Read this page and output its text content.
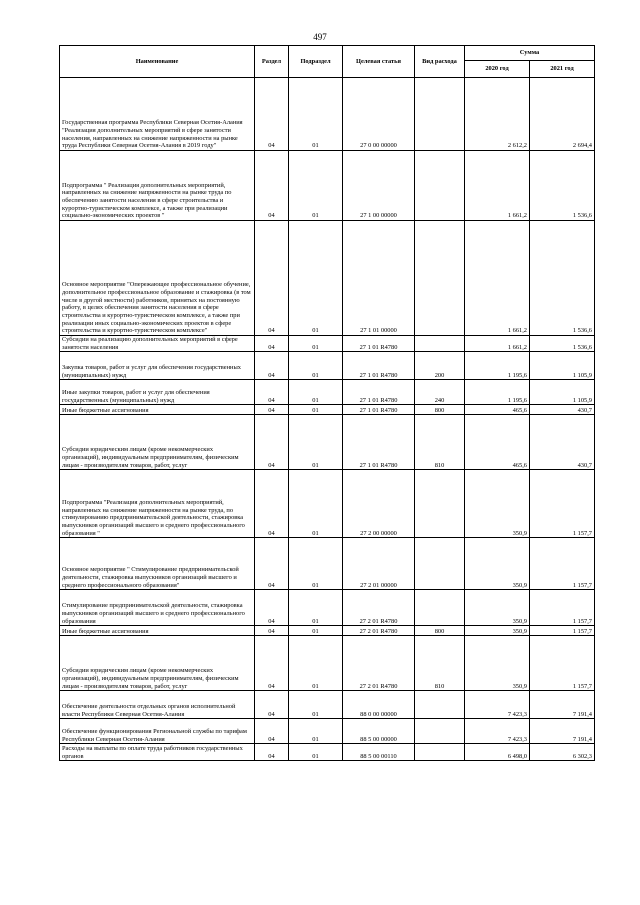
497
Наименование	Раздел	Подраздел	Целевая статья	Вид расхода	Сумма	
					2020 год	2021 год
Государственная программа Республики Северная Осетия-Алания "Реализация дополнительных мероприятий в сфере занятости населения, направленных на снижение напряженности на рынке труда Республики Северная Осетия-Алания в 2019 году"	04	01	27 0 00 00000		2 612,2	2 694,4
Подпрограмма " Реализация дополнительных мероприятий, направленных на снижение напряженности на рынке труда по обеспечению занятости населения в сфере строительства и курортно-туристическом комплексе, а также при реализации социально-экономических проектов "	04	01	27 1 00 00000		1 661,2	1 536,6
Основное мероприятие "Опережающее профессиональное обучение, дополнительное профессиональное образование и стажировка (в том числе в другой местности) работников, принятых на постоянную работу, в целях обеспечения занятости населения в сфере строительства и курортно-туристическом комплексе, а также при реализации иных социально-экономических проектов в сфере строительства и курортно-туристическом комплексе"	04	01	27 1 01 00000		1 661,2	1 536,6
Субсидии на реализацию дополнительных мероприятий в сфере занятости населения	04	01	27 1 01 R4780		1 661,2	1 536,6
Закупка товаров, работ и услуг для обеспечения государственных (муниципальных) нужд	04	01	27 1 01 R4780	200	1 195,6	1 105,9
Иные закупки товаров, работ и услуг для обеспечения государственных (муниципальных) нужд	04	01	27 1 01 R4780	240	1 195,6	1 105,9
Иные бюджетные ассигнования	04	01	27 1 01 R4780	800	465,6	430,7
Субсидии юридическим лицам (кроме некоммерческих организаций), индивидуальным предпринимателям, физическим лицам - производителям товаров, работ, услуг	04	01	27 1 01 R4780	810	465,6	430,7
Подпрограмма "Реализация дополнительных мероприятий, направленных на снижение напряженности на рынке труда, по стимулированию предпринимательской деятельности, стажировка выпускников организаций высшего и среднего профессионального образования "	04	01	27 2 00 00000		350,9	1 157,7
Основное мероприятие " Стимулирование предпринимательской деятельности, стажировка выпускников организаций высшего и среднего профессионального образования"	04	01	27 2 01 00000		350,9	1 157,7
Стимулирование предпринимательской деятельности, стажировка выпускников организаций высшего и среднего профессионального образования	04	01	27 2 01 R4780		350,9	1 157,7
Иные бюджетные ассигнования	04	01	27 2 01 R4780	800	350,9	1 157,7
Субсидии юридическим лицам (кроме некоммерческих организаций), индивидуальным предпринимателям, физическим лицам - производителям товаров, работ, услуг	04	01	27 2 01 R4780	810	350,9	1 157,7
Обеспечение деятельности отдельных органов исполнительной власти Республики Северная Осетия-Алания	04	01	88 0 00 00000		7 423,3	7 191,4
Обеспечение функционирования Региональной службы по тарифам Республики Северная Осетия-Алания	04	01	88 5 00 00000		7 423,3	7 191,4
Расходы на выплаты по оплате труда работников государственных органов	04	01	88 5 00 00110		6 498,0	6 302,3
